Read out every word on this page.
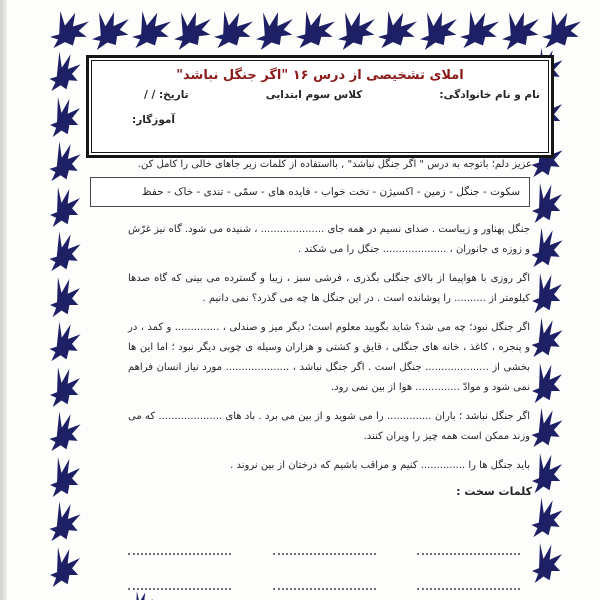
املای تشخیصی از درس ۱۶ "اگر جنگل نباشد"
نام و نام خانوادگی:
کلاس سوم ابتدایی
تاریخ: / /
آموزگار:

عزیز دلم؛ باتوجه به درس " اگر جنگل نباشد" , بااستفاده از کلمات زیر جاهای خالی را کامل کن.

سکوت - جنگل - زمین - اکسیژن - تخت خواب - فایده های - سمّی - تندی - خاک - حفظ

جنگل پهناور و زیباست . صدای نسیم در همه جای .................... ، شنیده می شود. گاه نیز غرّش و زوزه ی جانوران ، .................... جنگل را می شکند .

اگر روزی با هواپیما از بالای جنگلی بگذری ، فرشی سبز ، زیبا و گسترده می بینی که گاه صدها کیلومتر از .......... را پوشانده است . در این جنگل ها چه می گذرد؟ نمی دانیم .

اگر جنگل نبود؛ چه می شد؟ شاید بگویید معلوم است؛ دیگر میز و صندلی ، .............. و کمد ، در و پنجره ، کاغذ ، خانه های جنگلی ، قایق و کشتی و هزاران وسیله ی چوبی دیگر نبود ؛ اما این ها بخشی از .................... جنگل است . اگر جنگل نباشد ، .................... مورد نیاز انسان فراهم نمی شود و موادّ .............. هوا از بین نمی رود.

اگر جنگل نباشد ؛ باران .............. را می شوید و از بین می برد . باد های .................... که می وزند ممکن است همه چیز را ویران کنند.

باید جنگل ها را .............. کنیم و مراقب باشیم که درختان از بین نروند .

کلمات سخت :
